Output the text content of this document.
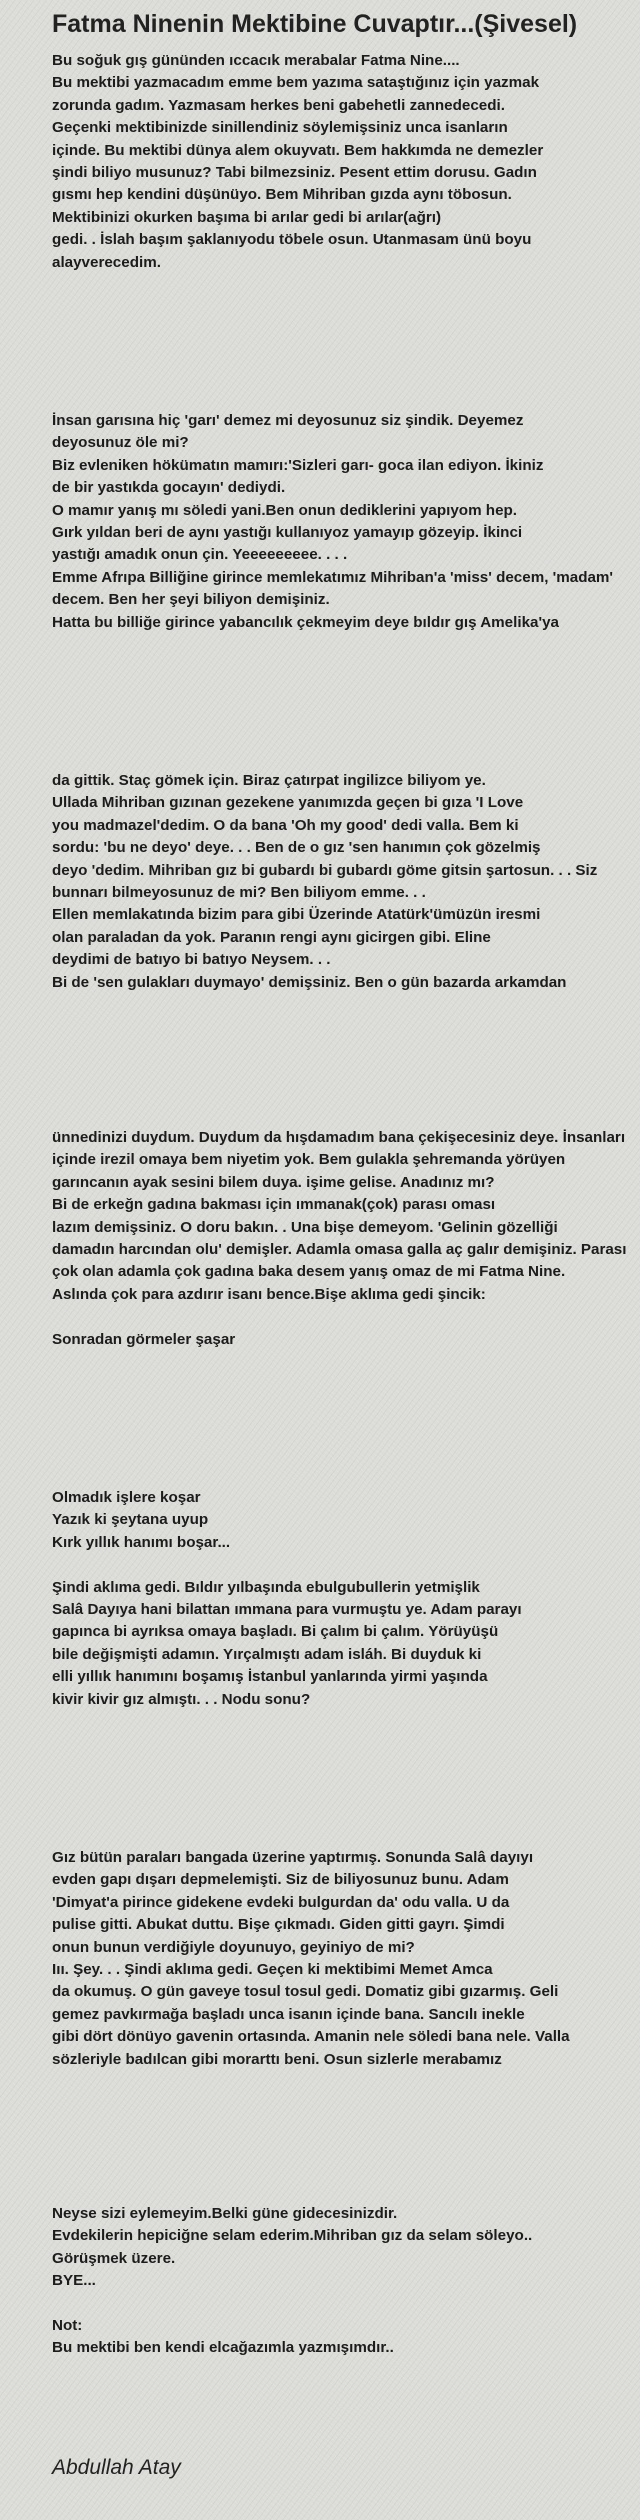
Fatma Ninenin Mektibine Cuvaptır...(Şivesel)
Bu soğuk gış gününden ıccacık merabalar Fatma Nine....
Bu mektibi yazmacadım emme bem yazıma sataştığınız için yazmak
zorunda gadım. Yazmasam herkes beni gabehetli zannedecedi.
Geçenki mektibinizde sinillendiniz söylemişsiniz unca isanların
içinde. Bu mektibi dünya alem okuyvatı. Bem hakkımda ne demezler
şindi biliyo musunuz? Tabi bilmezsiniz. Pesent ettim dorusu. Gadın
gısmı hep kendini düşünüyo. Bem Mihriban gızda aynı töbosun.
Mektibinizi okurken başıma bi arılar gedi bi arılar(ağrı)
gedi. . İslah başım şaklanıyodu töbele osun. Utanmasam ünü boyu
alayverecedim.
İnsan garısına hiç 'garı' demez mi deyosunuz siz şindik. Deyemez
deyosunuz öle mi?
Biz evleniken hökümatın mamırı:'Sizleri garı- goca ilan ediyon. İkiniz
de bir yastıkda gocayın' dediydi.
O mamır yanış mı söledi yani.Ben onun dediklerini yapıyom hep.
Gırk yıldan beri de aynı yastığı kullanıyoz yamayıp gözeyip. İkinci
yastığı amadık onun çin. Yeeeeeeeee. . . .
Emme Afrıpa Billiğine girince memlekatımız Mihriban'a 'miss' decem, 'madam'
decem. Ben her şeyi biliyon demişiniz.
Hatta bu billiğe girince yabancılık çekmeyim deye bıldır gış Amelika'ya
da gittik. Staç gömek için. Biraz çatırpat ingilizce biliyom ye.
Ullada Mihriban gızınan gezekene yanımızda geçen bi gıza 'I Love
you madmazel'dedim. O da bana 'Oh my good' dedi valla. Bem ki
sordu: 'bu ne deyo' deye. . . Ben de o gız 'sen hanımın çok gözelmiş
deyo 'dedim. Mihriban gız bi gubardı bi gubardı göme gitsin şartosun. . . Siz
bunnarı bilmeyosunuz de mi? Ben biliyom emme. . .
Ellen memlakatında bizim para gibi Üzerinde Atatürk'ümüzün iresmi
olan paraladan da yok. Paranın rengi aynı gicirgen gibi. Eline
deydimi de batıyo bi batıyo Neysem. . .
Bi de 'sen gulakları duymayo' demişsiniz. Ben o gün bazarda arkamdan
ünnedinizi duydum. Duydum da hışdamadım bana çekişecesiniz deye. İnsanları
içinde irezil omaya bem niyetim yok. Bem gulakla şehremanda yörüyen
garıncanın ayak sesini bilem duya. işime gelise. Anadınız mı?
Bi de erkeğn gadına bakması için ımmanak(çok) parası oması
lazım demişsiniz. O doru bakın. . Una bişe demeyom. 'Gelinin gözelliği
damadın harcından olu' demişler. Adamla omasa galla aç galır demişiniz. Parası
çok olan adamla çok gadına baka desem yanış omaz de mi Fatma Nine.
Aslında çok para azdırır isanı bence.Bişe aklıma gedi şincik:
Sonradan görmeler şaşar
Olmadık işlere koşar
Yazık ki şeytana uyup
Kırk yıllık hanımı boşar...
Şindi aklıma gedi. Bıldır yılbaşında ebulgubullerin yetmişlik
Salâ Dayıya hani bilattan ımmana para vurmuştu ye. Adam parayı
gapınca bi ayrıksa omaya başladı. Bi çalım bi çalım. Yörüyüşü
bile değişmişti adamın. Yırçalmıştı adam isláh. Bi duyduk ki
elli yıllık hanımını boşamış İstanbul yanlarında yirmi yaşında
kivir kivir gız almıştı. . . Nodu sonu?
Gız bütün paraları bangada üzerine yaptırmış. Sonunda Salâ dayıyı
evden gapı dışarı depmelemişti. Siz de biliyosunuz bunu. Adam
'Dimyat'a pirince gidekene evdeki bulgurdan da' odu valla. U da
pulise gitti. Abukat duttu. Bişe çıkmadı. Giden gitti gayrı. Şimdi
onun bunun verdiğiyle doyunuyo, geyiniyo de mi?
Iıı. Şey. . . Şindi aklıma gedi. Geçen ki mektibimi Memet Amca
da okumuş. O gün gaveye tosul tosul gedi. Domatiz gibi gızarmış. Geli
gemez pavkırmağa başladı unca isanın içinde bana. Sancılı inekle
gibi dört dönüyo gavenin ortasında. Amanin nele söledi bana nele. Valla
sözleriyle badılcan gibi morarttı beni. Osun sizlerle merabamız
Neyse sizi eylemeyim.Belki güne gidecesinizdir.
Evdekilerin hepiciğne selam ederim.Mihriban gız da selam söleyo..
Görüşmek üzere.
BYE...
Not:
Bu mektibi ben kendi elcağazımla yazmışımdır..

Abdullah Atay
